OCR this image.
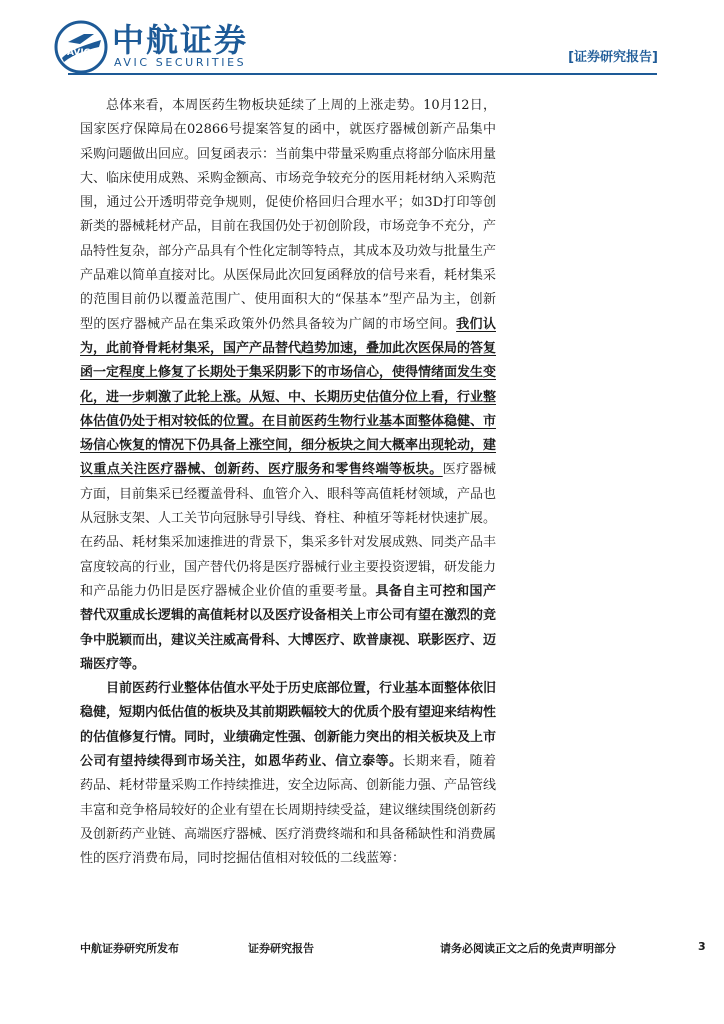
AVIC 中航证券
AVIC SECURITIES	[证券研究报告]

总体来看，本周医药生物板块延续了上周的上涨走势。10月12日，国家医疗保障局在02866号提案答复的函中，就医疗器械创新产品集中采购问题做出回应。回复函表示：当前集中带量采购重点将部分临床用量大、临床使用成熟、采购金额高、市场竞争较充分的医用耗材纳入采购范围，通过公开透明带竞争规则，促使价格回归合理水平；如3D打印等创新类的器械耗材产品，目前在我国仍处于初创阶段，市场竞争不充分，产品特性复杂，部分产品具有个性化定制等特点，其成本及功效与批量生产产品难以简单直接对比。从医保局此次回复函释放的信号来看，耗材集采的范围目前仍以覆盖范围广、使用面积大的“保基本”型产品为主，创新型的医疗器械产品在集采政策外仍然具备较为广阔的市场空间。我们认为，此前脊骨耗材集采，国产产品替代趋势加速，叠加此次医保局的答复函一定程度上修复了长期处于集采阴影下的市场信心，使得情绪面发生变化，进一步刺激了此轮上涨。从短、中、长期历史估值分位上看，行业整体估值仍处于相对较低的位置。在目前医药生物行业基本面整体稳健、市场信心恢复的情况下仍具备上涨空间，细分板块之间大概率出现轮动，建议重点关注医疗器械、创新药、医疗服务和零售终端等板块。医疗器械方面，目前集采已经覆盖骨科、血管介入、眼科等高值耗材领域，产品也从冠脉支架、人工关节向冠脉导引导线、脊柱、种植牙等耗材快速扩展。在药品、耗材集采加速推进的背景下，集采多针对发展成熟、同类产品丰富度较高的行业，国产替代仍将是医疗器械行业主要投资逻辑，研发能力和产品能力仍旧是医疗器械企业价值的重要考量。具备自主可控和国产替代双重成长逻辑的高值耗材以及医疗设备相关上市公司有望在激烈的竞争中脱颖而出，建议关注威高骨科、大博医疗、欧普康视、联影医疗、迈瑞医疗等。

目前医药行业整体估值水平处于历史底部位置，行业基本面整体依旧稳健，短期内低估值的板块及其前期跌幅较大的优质个股有望迎来结构性的估值修复行情。同时，业绩确定性强、创新能力突出的相关板块及上市公司有望持续得到市场关注，如恩华药业、信立泰等。长期来看，随着药品、耗材带量采购工作持续推进，安全边际高、创新能力强、产品管线丰富和竞争格局较好的企业有望在长周期持续受益，建议继续围绕创新药及创新药产业链、高端医疗器械、医疗消费终端和和具备稀缺性和消费属性的医疗消费布局，同时挖掘估值相对较低的二线蓝筹：

中航证券研究所发布	证券研究报告	请务必阅读正文之后的免责声明部分	3
